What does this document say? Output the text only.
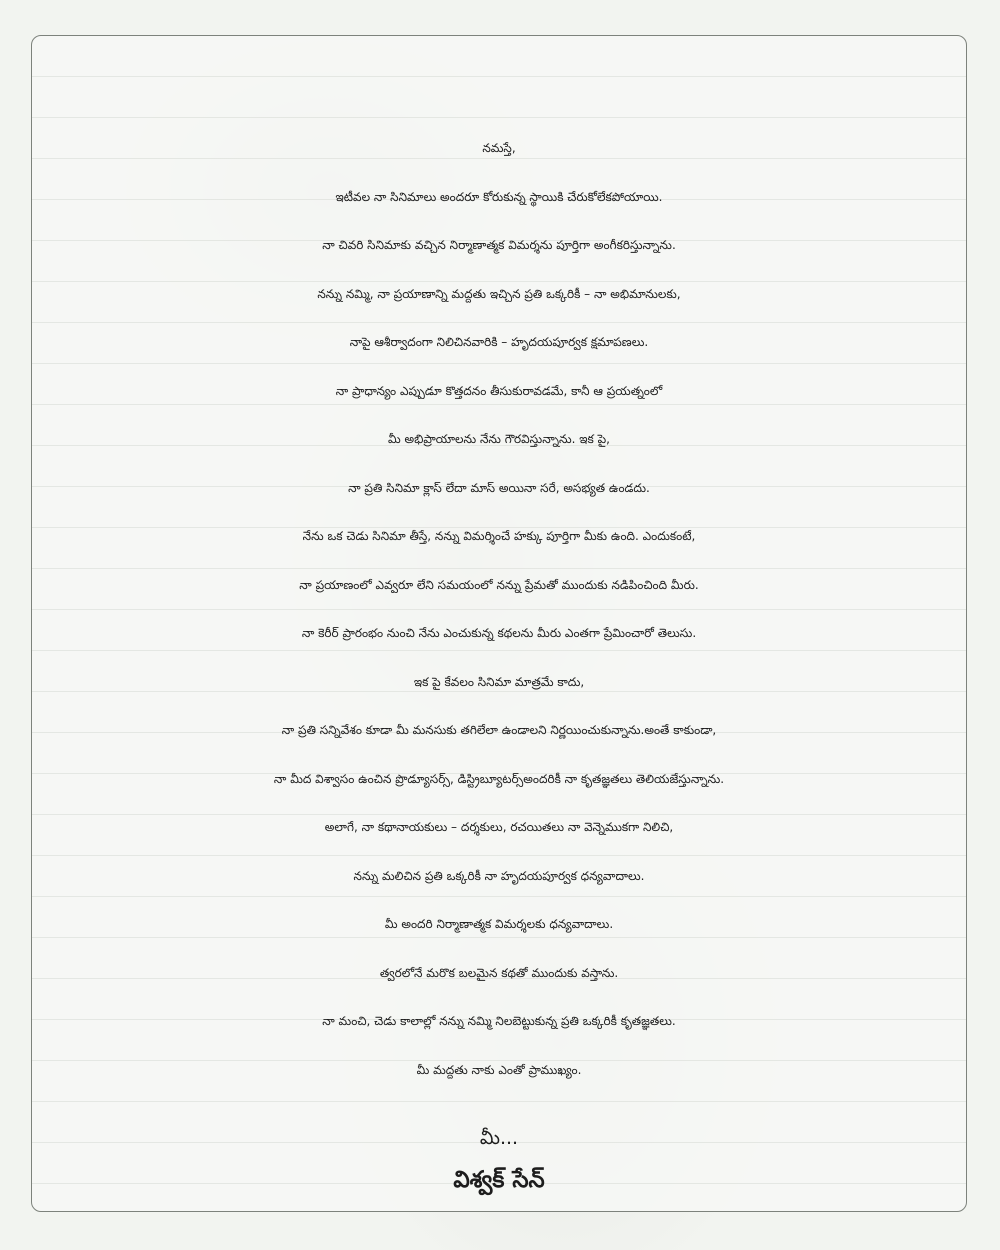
నమస్తే,
ఇటీవల నా సినిమాలు అందరూ కోరుకున్న స్థాయికి చేరుకోలేకపోయాయి.
నా చివరి సినిమాకు వచ్చిన నిర్మాణాత్మక విమర్శను పూర్తిగా అంగీకరిస్తున్నాను.
నన్ను నమ్మి, నా ప్రయాణాన్ని మద్దతు ఇచ్చిన ప్రతి ఒక్కరికీ – నా అభిమానులకు,
నాపై ఆశీర్వాదంగా నిలిచినవారికి – హృదయపూర్వక క్షమాపణలు.
నా ప్రాధాన్యం ఎప్పుడూ కొత్తదనం తీసుకురావడమే, కానీ ఆ ప్రయత్నంలో
మీ అభిప్రాయాలను నేను గౌరవిస్తున్నాను. ఇక పై,
నా ప్రతి సినిమా క్లాస్ లేదా మాస్ అయినా సరే, అసభ్యత ఉండదు.
నేను ఒక చెడు సినిమా తీస్తే, నన్ను విమర్శించే హక్కు పూర్తిగా మీకు ఉంది. ఎందుకంటే,
నా ప్రయాణంలో ఎవ్వరూ లేని సమయంలో నన్ను ప్రేమతో ముందుకు నడిపించింది మీరు.
నా కెరీర్ ప్రారంభం నుంచి నేను ఎంచుకున్న కథలను మీరు ఎంతగా ప్రేమించారో తెలుసు.
ఇక పై కేవలం సినిమా మాత్రమే కాదు,
నా ప్రతి సన్నివేశం కూడా మీ మనసుకు తగిలేలా ఉండాలని నిర్ణయించుకున్నాను.అంతే కాకుండా,
నా మీద విశ్వాసం ఉంచిన ప్రొడ్యూసర్స్, డిస్ట్రిబ్యూటర్స్అందరికీ నా కృతజ్ఞతలు తెలియజేస్తున్నాను.
అలాగే, నా కథానాయకులు – దర్శకులు, రచయితలు నా వెన్నెముకగా నిలిచి,
నన్ను మలిచిన ప్రతి ఒక్కరికీ నా హృదయపూర్వక ధన్యవాదాలు.
మీ అందరి నిర్మాణాత్మక విమర్శలకు ధన్యవాదాలు.
త్వరలోనే మరొక బలమైన కథతో ముందుకు వస్తాను.
నా మంచి, చెడు కాలాల్లో నన్ను నమ్మి నిలబెట్టుకున్న ప్రతి ఒక్కరికీ కృతజ్ఞతలు.
మీ మద్దతు నాకు ఎంతో ప్రాముఖ్యం.
మీ...
విశ్వక్ సేన్
